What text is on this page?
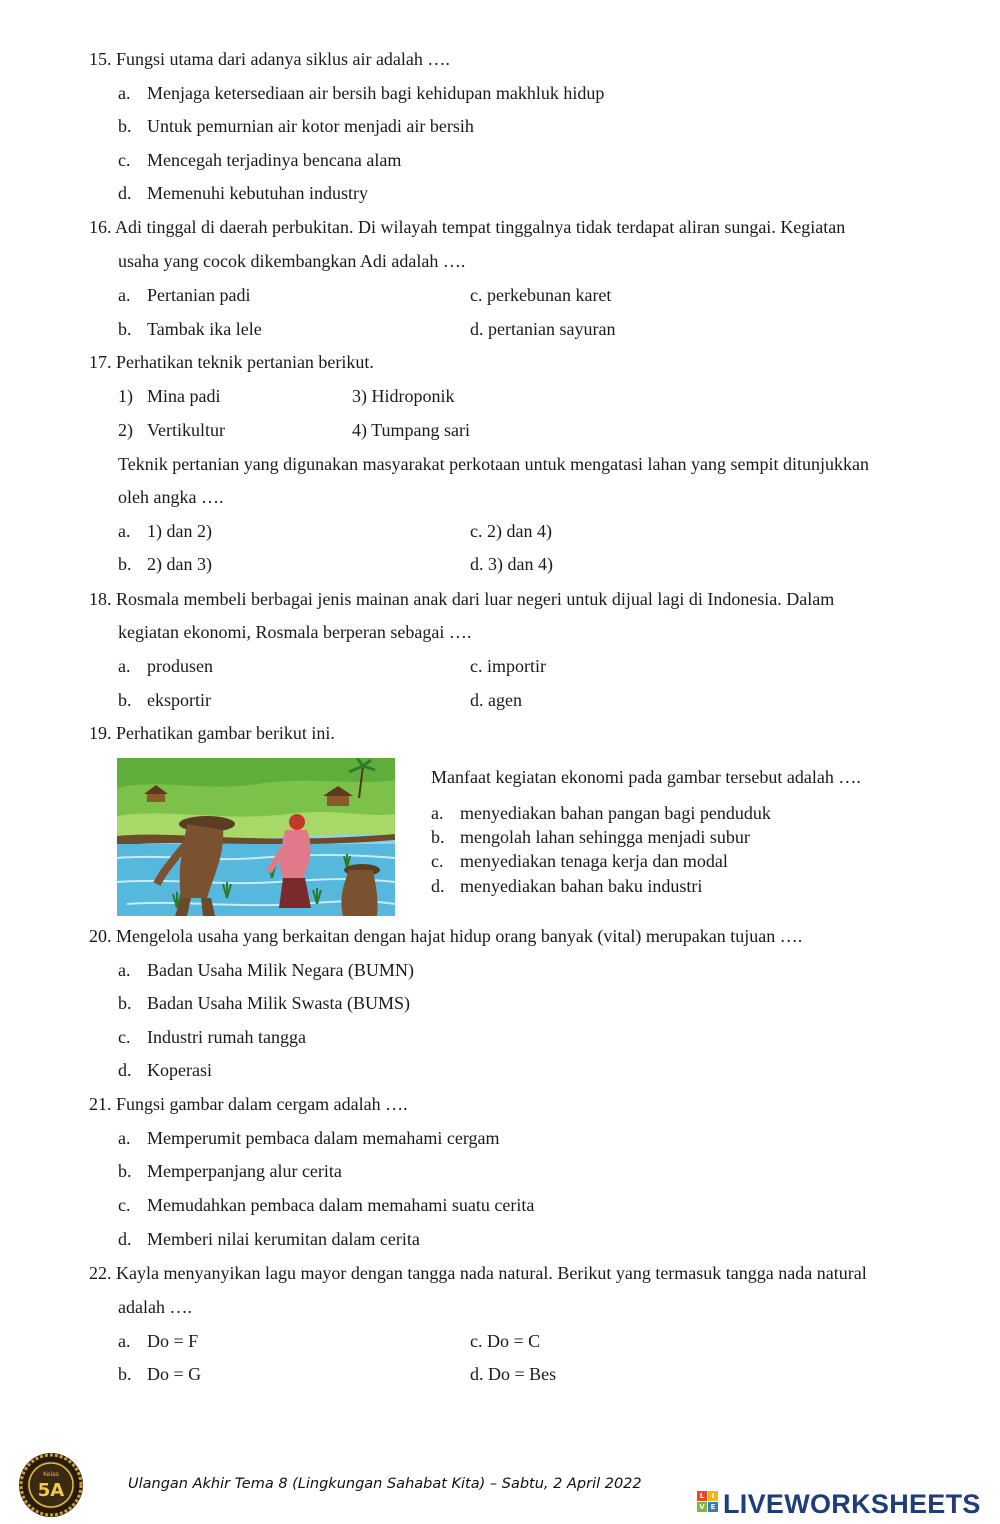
15. Fungsi utama dari adanya siklus air adalah ….
a. Menjaga ketersediaan air bersih bagi kehidupan makhluk hidup
b. Untuk pemurnian air kotor menjadi air bersih
c. Mencegah terjadinya bencana alam
d. Memenuhi kebutuhan industry
16. Adi tinggal di daerah perbukitan. Di wilayah tempat tinggalnya tidak terdapat aliran sungai. Kegiatan
usaha yang cocok dikembangkan Adi adalah ….
a. Pertanian padi	c. perkebunan karet
b. Tambak ika lele	d. pertanian sayuran
17. Perhatikan teknik pertanian berikut.
1) Mina padi	3) Hidroponik
2) Vertikultur	4) Tumpang sari
Teknik pertanian yang digunakan masyarakat perkotaan untuk mengatasi lahan yang sempit ditunjukkan
oleh angka ….
a. 1) dan 2)	c. 2) dan 4)
b. 2) dan 3)	d. 3) dan 4)
18. Rosmala membeli berbagai jenis mainan anak dari luar negeri untuk dijual lagi di Indonesia. Dalam
kegiatan ekonomi, Rosmala berperan sebagai ….
a. produsen	c. importir
b. eksportir	d. agen
19. Perhatikan gambar berikut ini.
Manfaat kegiatan ekonomi pada gambar tersebut adalah ….
a. menyediakan bahan pangan bagi penduduk
b. mengolah lahan sehingga menjadi subur
c. menyediakan tenaga kerja dan modal
d. menyediakan bahan baku industri
20. Mengelola usaha yang berkaitan dengan hajat hidup orang banyak (vital) merupakan tujuan ….
a. Badan Usaha Milik Negara (BUMN)
b. Badan Usaha Milik Swasta (BUMS)
c. Industri rumah tangga
d. Koperasi
21. Fungsi gambar dalam cergam adalah ….
a. Memperumit pembaca dalam memahami cergam
b. Memperpanjang alur cerita
c. Memudahkan pembaca dalam memahami suatu cerita
d. Memberi nilai kerumitan dalam cerita
22. Kayla menyanyikan lagu mayor dengan tangga nada natural. Berikut yang termasuk tangga nada natural
adalah ….
a. Do = F	c. Do = C
b. Do = G	d. Do = Bes
Kelas
5A	Ulangan Akhir Tema 8 (Lingkungan Sahabat Kita) – Sabtu, 2 April 2022
L	I
V E LIVEWORKSHEETS
